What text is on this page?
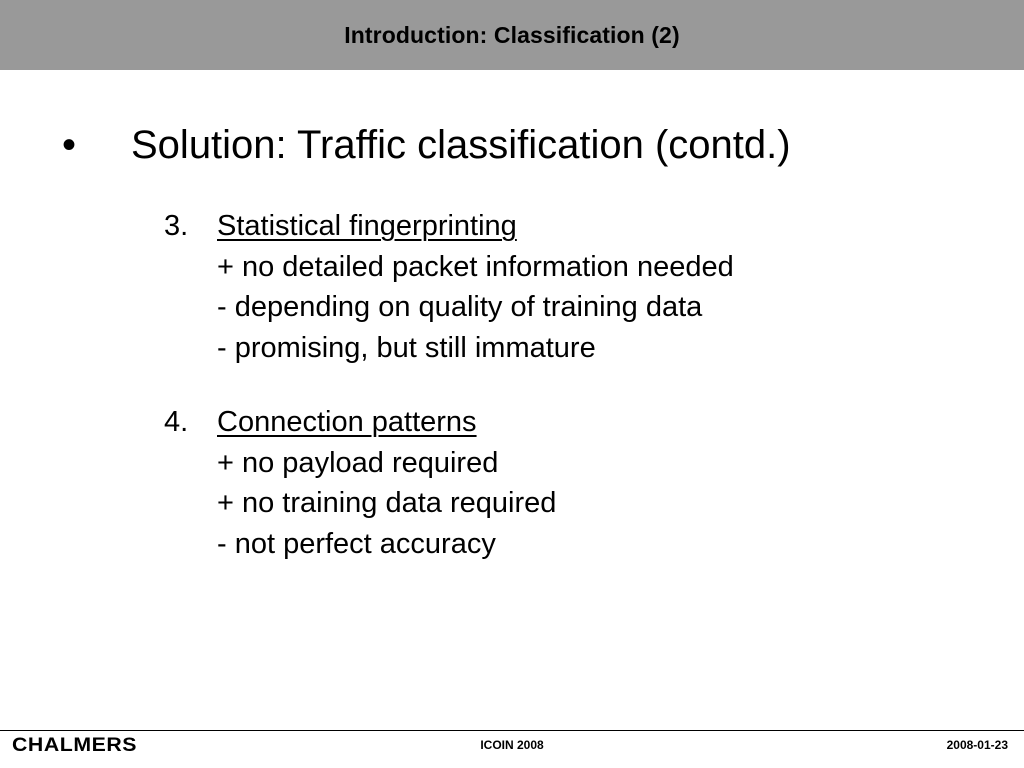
Introduction: Classification (2)
• Solution: Traffic classification (contd.)
3. Statistical fingerprinting
+ no detailed packet information needed
- depending on quality of training data
- promising, but still immature
4. Connection patterns
+ no payload required
+ no training data required
- not perfect accuracy
CHALMERS	ICOIN 2008	2008-01-23
